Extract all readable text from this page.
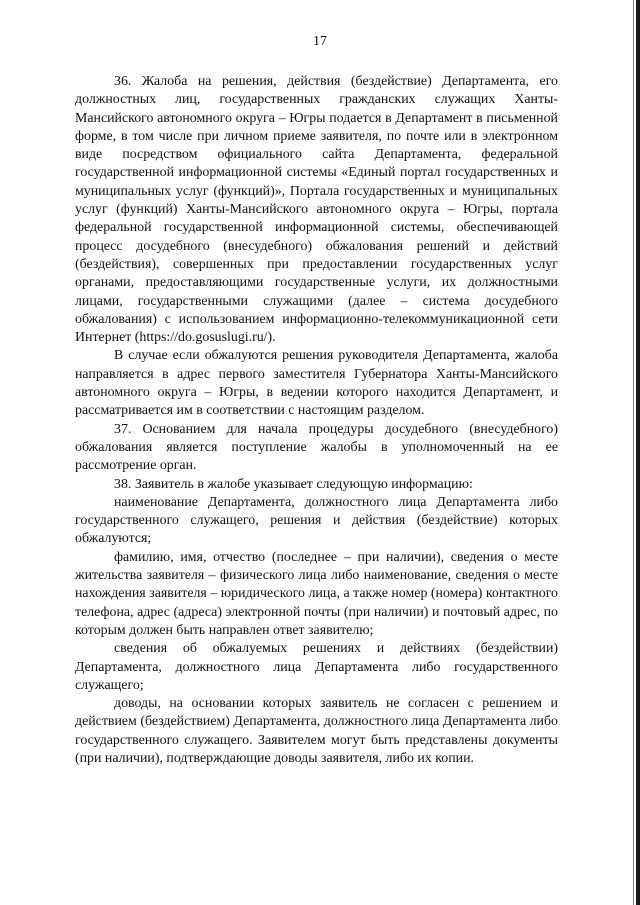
17

36. Жалоба на решения, действия (бездействие) Департамента, его должностных лиц, государственных гражданских служащих Ханты-Мансийского автономного округа – Югры подается в Департамент в письменной форме, в том числе при личном приеме заявителя, по почте или в электронном виде посредством официального сайта Департамента, федеральной государственной информационной системы «Единый портал государственных и муниципальных услуг (функций)», Портала государственных и муниципальных услуг (функций) Ханты-Мансийского автономного округа – Югры, портала федеральной государственной информационной системы, обеспечивающей процесс досудебного (внесудебного) обжалования решений и действий (бездействия), совершенных при предоставлении государственных услуг органами, предоставляющими государственные услуги, их должностными лицами, государственными служащими (далее – система досудебного обжалования) с использованием информационно-телекоммуникационной сети Интернет (https://do.gosuslugi.ru/).

В случае если обжалуются решения руководителя Департамента, жалоба направляется в адрес первого заместителя Губернатора Ханты-Мансийского автономного округа – Югры, в ведении которого находится Департамент, и рассматривается им в соответствии с настоящим разделом.

37. Основанием для начала процедуры досудебного (внесудебного) обжалования является поступление жалобы в уполномоченный на ее рассмотрение орган.

38. Заявитель в жалобе указывает следующую информацию:

наименование Департамента, должностного лица Департамента либо государственного служащего, решения и действия (бездействие) которых обжалуются;

фамилию, имя, отчество (последнее – при наличии), сведения о месте жительства заявителя – физического лица либо наименование, сведения о месте нахождения заявителя – юридического лица, а также номер (номера) контактного телефона, адрес (адреса) электронной почты (при наличии) и почтовый адрес, по которым должен быть направлен ответ заявителю;

сведения об обжалуемых решениях и действиях (бездействии) Департамента, должностного лица Департамента либо государственного служащего;

доводы, на основании которых заявитель не согласен с решением и действием (бездействием) Департамента, должностного лица Департамента либо государственного служащего. Заявителем могут быть представлены документы (при наличии), подтверждающие доводы заявителя, либо их копии.
